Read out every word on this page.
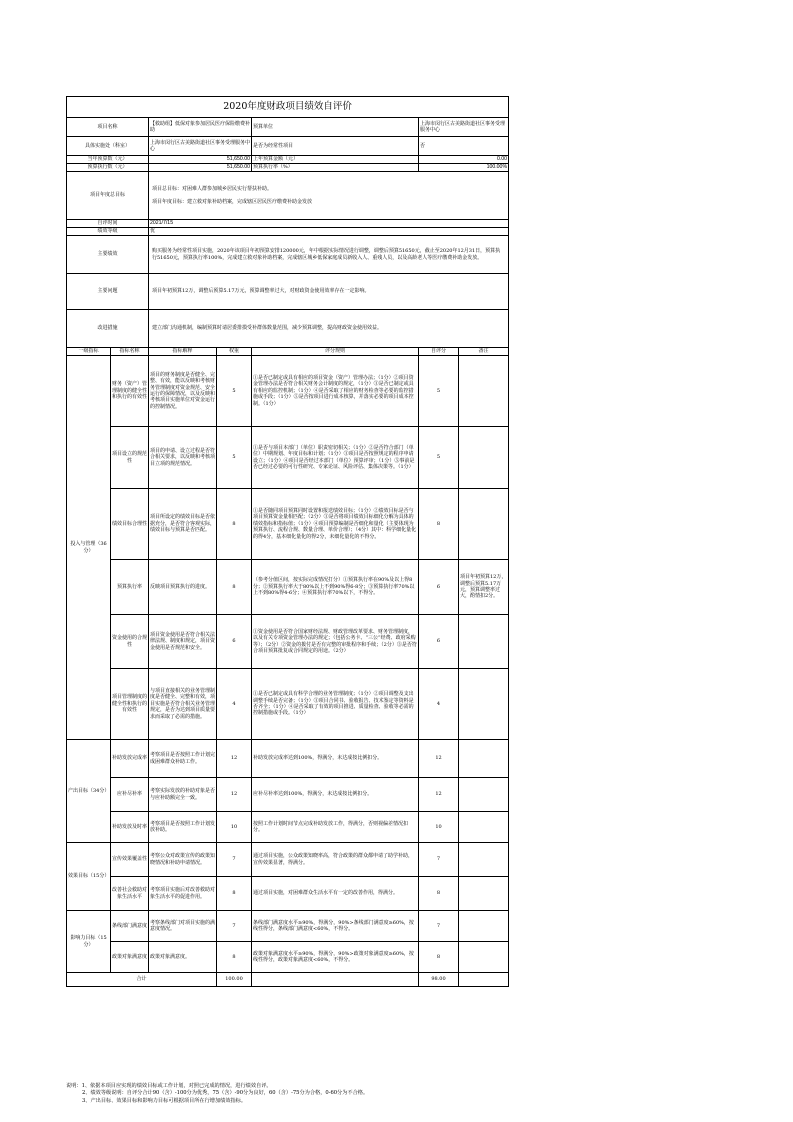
2020年度财政项目绩效自评价						
项目名称		【救助组】低保对象参加居民医疗保险缴费补助		预算单位	上海市闵行区古美路街道社区事务受理服务中心	
具体实施处（科室）		上海市闵行区古美路街道社区事务受理服务中心		是否为经常性项目	否	
当年预算数（元）		51,650.00		上年预算金额（元）	0.00	
预算执行数（元）		51,650.00		预算执行率（%）	100.00%	
项目年度总目标		项目总目标：对困难人群参加城乡居民实行帮扶补助。
项目年度目标：建立救对象补助档案，完成辖区居民医疗缴费补助金发放				

自评时间		2021/7/15				
绩效等级		优				
主要绩效		购买服务为经常性项目实施，2020年该项目年初预算安排120000元，年中根据实际情况进行调整，调整后预算51650元，截止至2020年12月31日，预算执行51650元，预算执行率100%，完成建立救对象补助档案，完成辖区城乡低保家庭成员新收入人、重残人员，以及高龄老人等医疗缴费补助金发放。				
主要问题		项目年初预算12万，调整后预算5.17万元，预算调整率过大，对财政资金使用效率存在一定影响。				
改进措施		建立部门沟通机制，编制预算时请居委排摸受补群体数量范围，减少预算调整，提高财政资金使用效益。				
一级指标	指标名称	指标解释	权重	评分规则	自评分	备注
投入与管理（36分）	财务（资产）管理制度的健全性和执行的有效性	项目的财务制度是否健全、完整、有效，能以反映和考核财务管理制度对资金规范、安全运行的保障情况，以及反映和考核项目实施单位对资金运行的控制情况。	5	①是否已制定或具有相应的项目资金（资产）管理办法；（1分）②项目资金管理办法是否符合相关财务会计制度的规定，（1分）③是否已制定或具有相应的监控机制；（1分）④是否采取了相应的财务检查等必要的监控措施或手段；（1分）⑤是否按项目进行成本核算，并落实必要的项目成本控制。（1分）	5	
	项目设立的规范性	项目的申请、设立过程是否符合相关要求，以反映和考核项目立项的规范情况。	5	①是否与项目本部门（单位）职责密切相关；（1分）②是否符合部门（单位）中期规划、年度目标和计划；（1分）③项目是否按照规定的程序申请设立；（1分）④项目是否经过本部门（单位）预算评审；（1分）⑤事前是否已经过必要的可行性研究、专家论证、风险评估、集体决策等。（1分）	5	
	绩效目标合理性	项目所设定的绩效目标是否依据充分，是否符合客观实际，绩效目标与预算是否匹配。	8	①是否随同项目预算同时设置和报送绩效目标；（1分）②绩效目标是否与项目预算资金量相匹配；（2分）③是否将项目绩效目标细化分解为具体的绩效指标和指标值；（1分）④项目预算编制是否细化和量化（主要体现为预算执行、流程合规、数量合理、单价合理）；（4分）其中：科学细化量化的得4分，基本细化量化的得2分，未细化量化的不得分。	8	
	预算执行率	反映项目预算执行的进度。	8	（参考分值区间，按实际完成情况打分）①预算执行率在90%及以上得8分；②预算执行率大于80%以上不到90%得6-8分；③预算执行率70%以上不到80%得4-6分；④预算执行率70%以下，不得分。	6	项目年初预算12万，调整后预算5.17万元，预算调整率过大，酌情扣2分。
	资金使用的合规性	项目资金使用是否符合相关法律法规、制度和规定，项目资金使用是否规范和安全。	6	①资金使用是否符合国家财经法规、财政管理改革要求、财务管理制度，以及有关专项资金管理办法的规定；（包括公务卡、“三公”经费、政府采购等）；（2分）②资金的拨付是否有完整的审批程序和手续；（2分）③是否符合项目预算批复或合同规定的用途。（2分）	6	
	项目管理制度的健全性和执行的有效性	与项目直接相关的业务管理制度是否健全、完整和有效，项目实施是否符合相关业务管理规定，是否为达到项目质量要求而采取了必需的措施。	4	①是否已制定或具有科学合理的业务管理制度；（1分）②项目调整及支出调整手续是否完备；（1分）③项目合同书、验收报告、技术鉴定等资料是否齐全；（1分）④是否采取了有效的项目推进、质量检查、验收等必需的控制措施或手段。（1分）	4	
产出目标（34分）	补助发放完成率	考察项目是否按照工作计划完成困难群众补助工作。	12	补助发放完成率达到100%，得满分，未达成按比例扣分。	12	
	应补尽补率	考察实际发放的补助对象是否与应补助额完全一致。	12	应补尽补率达到100%，得满分，未达成按比例扣分。	12	
	补助发放及时率	考察项目是否按照工作计划发放补助。	10	按照工作计划时间节点完成补助发放工作，得满分，否则视偏差情况扣分。	10	
效果目标（15分）	宣传效果覆盖性	考察公众对政策宣传的政策知晓情况和补助申请情况。	7	通过项目实施，公众政策知晓率高，符合政策的群众都申请了助学补助，宣传效果显著，得满分。	7	
	改善社会救助对象生活水平	考察项目实施后对改善救助对象生活水平的促进作用。	8	通过项目实施，对困难群众生活水平有一定的改善作用，得满分。	8	
影响力目标（15分）	条线部门满意度	考察条线部门对项目实施的满意度情况。	7	条线部门满意度水平≥90%，得满分，90%>条线部门满意度≥60%，按线性得分，条线部门满意度<60%，不得分。	7	
	政策对象满意度	政策对象满意度。	8	政策对象满意度水平≥90%，得满分，90%>政策对象满意度≥60%，按线性得分，政策对象满意度<60%，不得分。	8	
合计			100.00		98.00	
说明：1、依据本项目应实现的绩效目标或工作计划，对照已完成的情况，进行绩效自评。
2、绩效等级说明：自评分合计90（含）-100分为优秀，75（含）-90分为良好，60（含）-75分为合格，0-60分为不合格。
3、产出目标、效果目标和影响力目标可根据项目所在行增加绩效指标。
